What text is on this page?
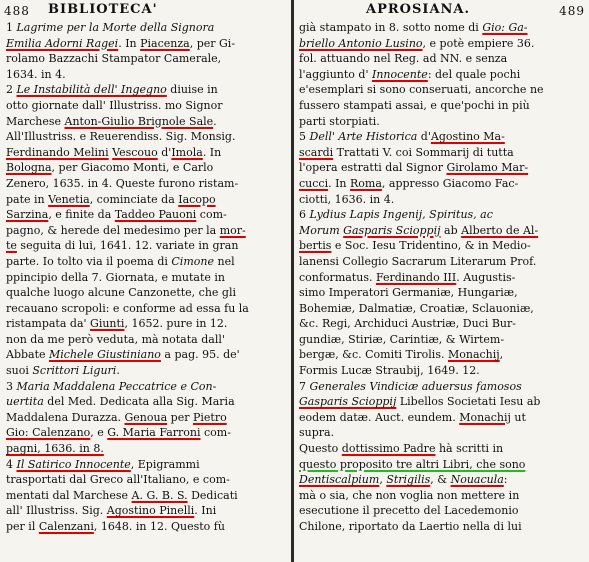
488 BIBLIOTECA'
1 Lagrime per la Morte della Signora
Emilia Adorni Ragei. In Piacenza, per Gi-
rolamo Bazzachi Stampator Camerale,
1634. in 4.
2 Le Instabilità dell' Ingegno diuise in
otto giornate dall' Illustriss. mo Signor
Marchese Anton-Giulio Brignole Sale.
All'Illustriss. e Reuerendiss. Sig. Monsig.
Ferdinando Melini Vescouo d'Imola. In
Bologna, per Giacomo Monti, e Carlo
Zenero, 1635. in 4. Queste furono ristam-
pate in Venetia, cominciate da Iacopo
Sarzina, e finite da Taddeo Pauoni com-
pagno, & herede del medesimo per la mor-
te seguita di lui, 1641. 12. variate in gran
parte. Io tolto via il poema di Cimone nel
ppincipio della 7. Giornata, e mutate in
qualche luogo alcune Canzonette, che gli
recauano scropoli: e conforme ad essa fu la
ristampata da' Giunti, 1652. pure in 12.
non da me però veduta, mà notata dall'
Abbate Michele Giustiniano a pag. 95. de'
suoi Scrittori Liguri.
3 Maria Maddalena Peccatrice e Con-
uertita del Med. Dedicata alla Sig. Maria
Maddalena Durazza. Genoua per Pietro
Gio: Calenzano, e G. Maria Farroni com-
pagni, 1636. in 8.
4 Il Satirico Innocente, Epigrammi
trasportati dal Greco all'Italiano, e com-
mentati dal Marchese A. G. B. S. Dedicati
all' Illustriss. Sig. Agostino Pinelli. Ini
per il Calenzani, 1648. in 12. Questo fù
APROSIANA.	489
già stampato in 8. sotto nome di Gio: Ga-
briello Antonio Lusino, e potè empiere 36.
fol. attuando nel Reg. ad NN. e senza
l'aggiunto d' Innocente: del quale pochi
e'esemplari si sono conseruati, ancorche ne
fussero stampati assai, e que'pochi in più
parti storpiati.
5 Dell' Arte Historica d'Agostino Ma-
scardi Trattati V. coi Sommarij di tutta
l'opera estratti dal Signor Girolamo Mar-
cucci. In Roma, appresso Giacomo Fac-
ciotti, 1636. in 4.
6 Lydius Lapis Ingenij, Spiritus, ac
Morum Gasparis Scioppij ab Alberto de Al-
bertis e Soc. Iesu Tridentino, & in Medio-
lanensi Collegio Sacrarum Literarum Prof.
conformatus. Ferdinando III. Augustis-
simo Imperatori Germaniæ, Hungariæ,
Bohemiæ, Dalmatiæ, Croatiæ, Sclauoniæ,
&c. Regi, Archiduci Austriæ, Duci Bur-
gundiæ, Stiriæ, Carintiæ, & Wirtem-
bergæ, &c. Comiti Tirolis. Monachij,
Formis Lucæ Straubij, 1649. 12.
7 Generales Vindiciæ aduersus famosos
Gasparis Scioppij Libellos Societati Iesu ab
eodem datæ. Auct. eundem. Monachij ut
supra.
Questo dottissimo Padre hà scritti in
questo proposito tre altri Libri, che sono
Dentiscalpium, Strigilis, & Nouacula:
mà o sia, che non voglia non mettere in
esecutione il precetto del Lacedemonio
Chilone, riportato da Laertio nella di lui
